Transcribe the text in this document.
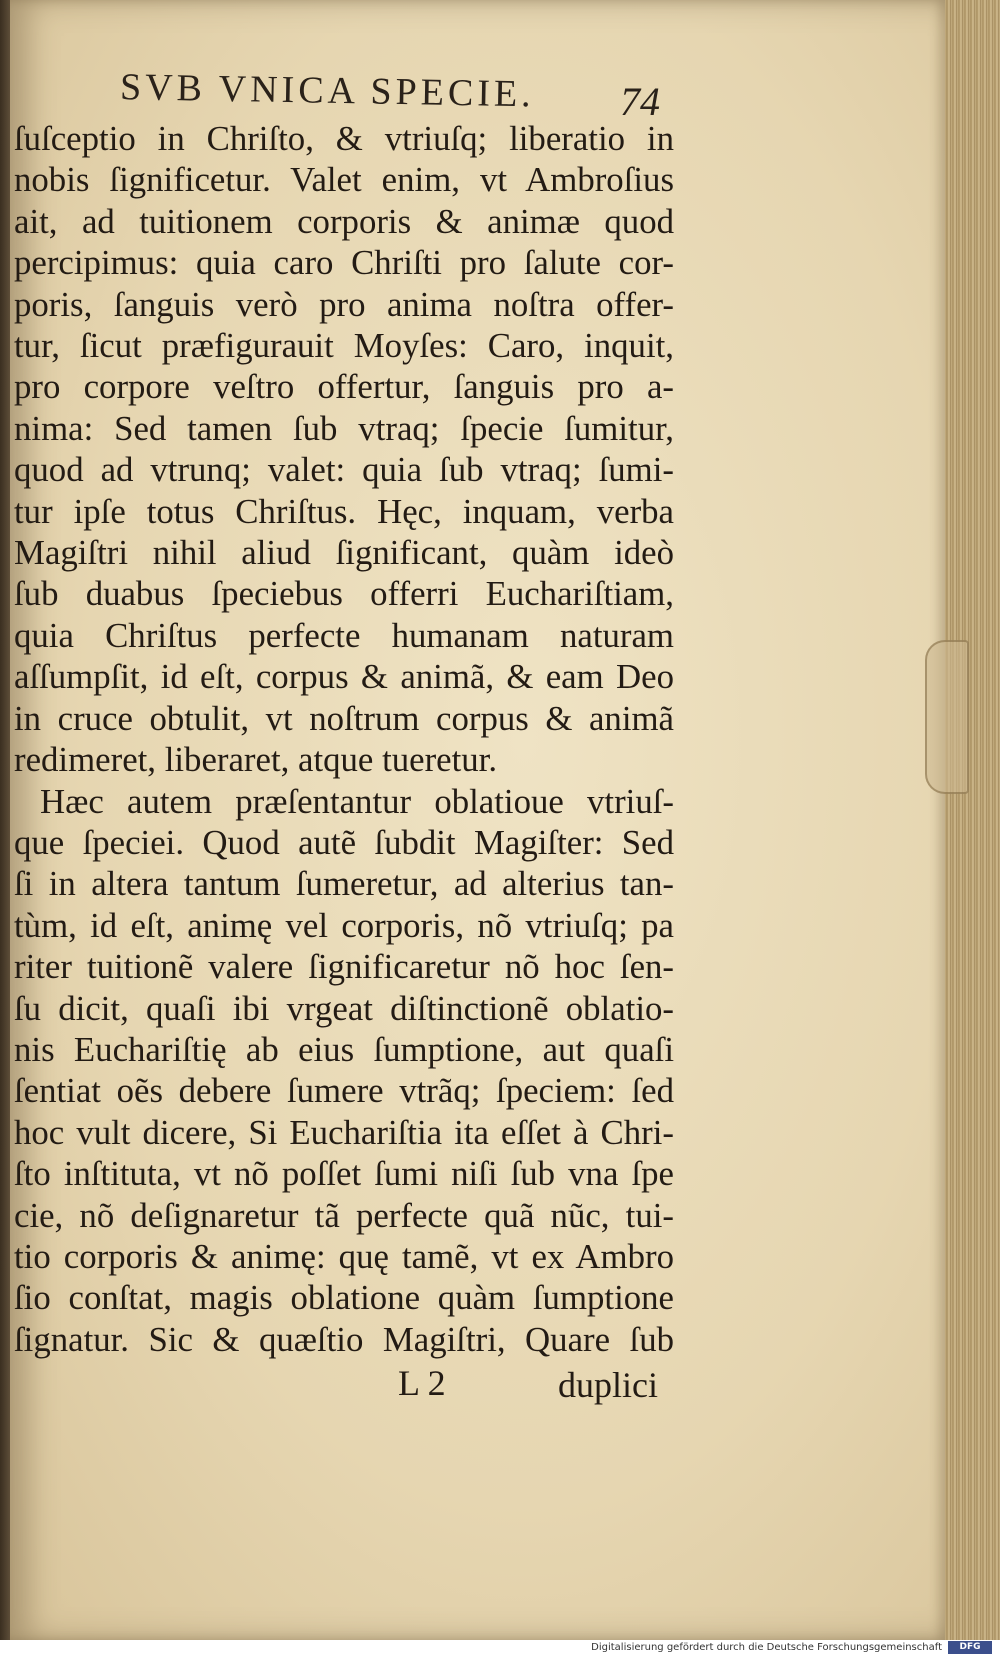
SVB VNICA SPECIE.	74
ſuſceptio in Chriſto, & vtriuſq; liberatio in
nobis ſignificetur. Valet enim, vt Ambroſius
ait, ad tuitionem corporis & animæ quod
percipimus: quia caro Chriſti pro ſalute cor-
poris, ſanguis verò pro anima noſtra offer-
tur, ſicut præfigurauit Moyſes: Caro, inquit,
pro corpore veſtro offertur, ſanguis pro a-
nima: Sed tamen ſub vtraq; ſpecie ſumitur,
quod ad vtrunq; valet: quia ſub vtraq; ſumi-
tur ipſe totus Chriſtus. Hęc, inquam, verba
Magiſtri nihil aliud ſignificant, quàm ideò
ſub duabus ſpeciebus offerri Euchariſtiam,
quia Chriſtus perfecte humanam naturam
aſſumpſit, id eſt, corpus & animã, & eam Deo
in cruce obtulit, vt noſtrum corpus & animã
redimeret, liberaret, atque tueretur.
Hæc autem præſentantur oblatioue vtriuſ-
que ſpeciei. Quod autẽ ſubdit Magiſter: Sed
ſi in altera tantum ſumeretur, ad alterius tan-
tùm, id eſt, animę vel corporis, nõ vtriuſq; pa
riter tuitionẽ valere ſignificaretur nõ hoc ſen-
ſu dicit, quaſi ibi vrgeat diſtinctionẽ oblatio-
nis Euchariſtię ab eius ſumptione, aut quaſi
ſentiat oẽs debere ſumere vtrãq; ſpeciem: ſed
hoc vult dicere, Si Euchariſtia ita eſſet à Chri-
ſto inſtituta, vt nõ poſſet ſumi niſi ſub vna ſpe
cie, nõ deſignaretur tã perfecte quã nũc, tui-
tio corporis & animę: quę tamẽ, vt ex Ambro
ſio conſtat, magis oblatione quàm ſumptione
ſignatur. Sic & quæſtio Magiſtri, Quare ſub
L 2	duplici
Digitalisierung gefördert durch die Deutsche Forschungsgemeinschaft	DFG
